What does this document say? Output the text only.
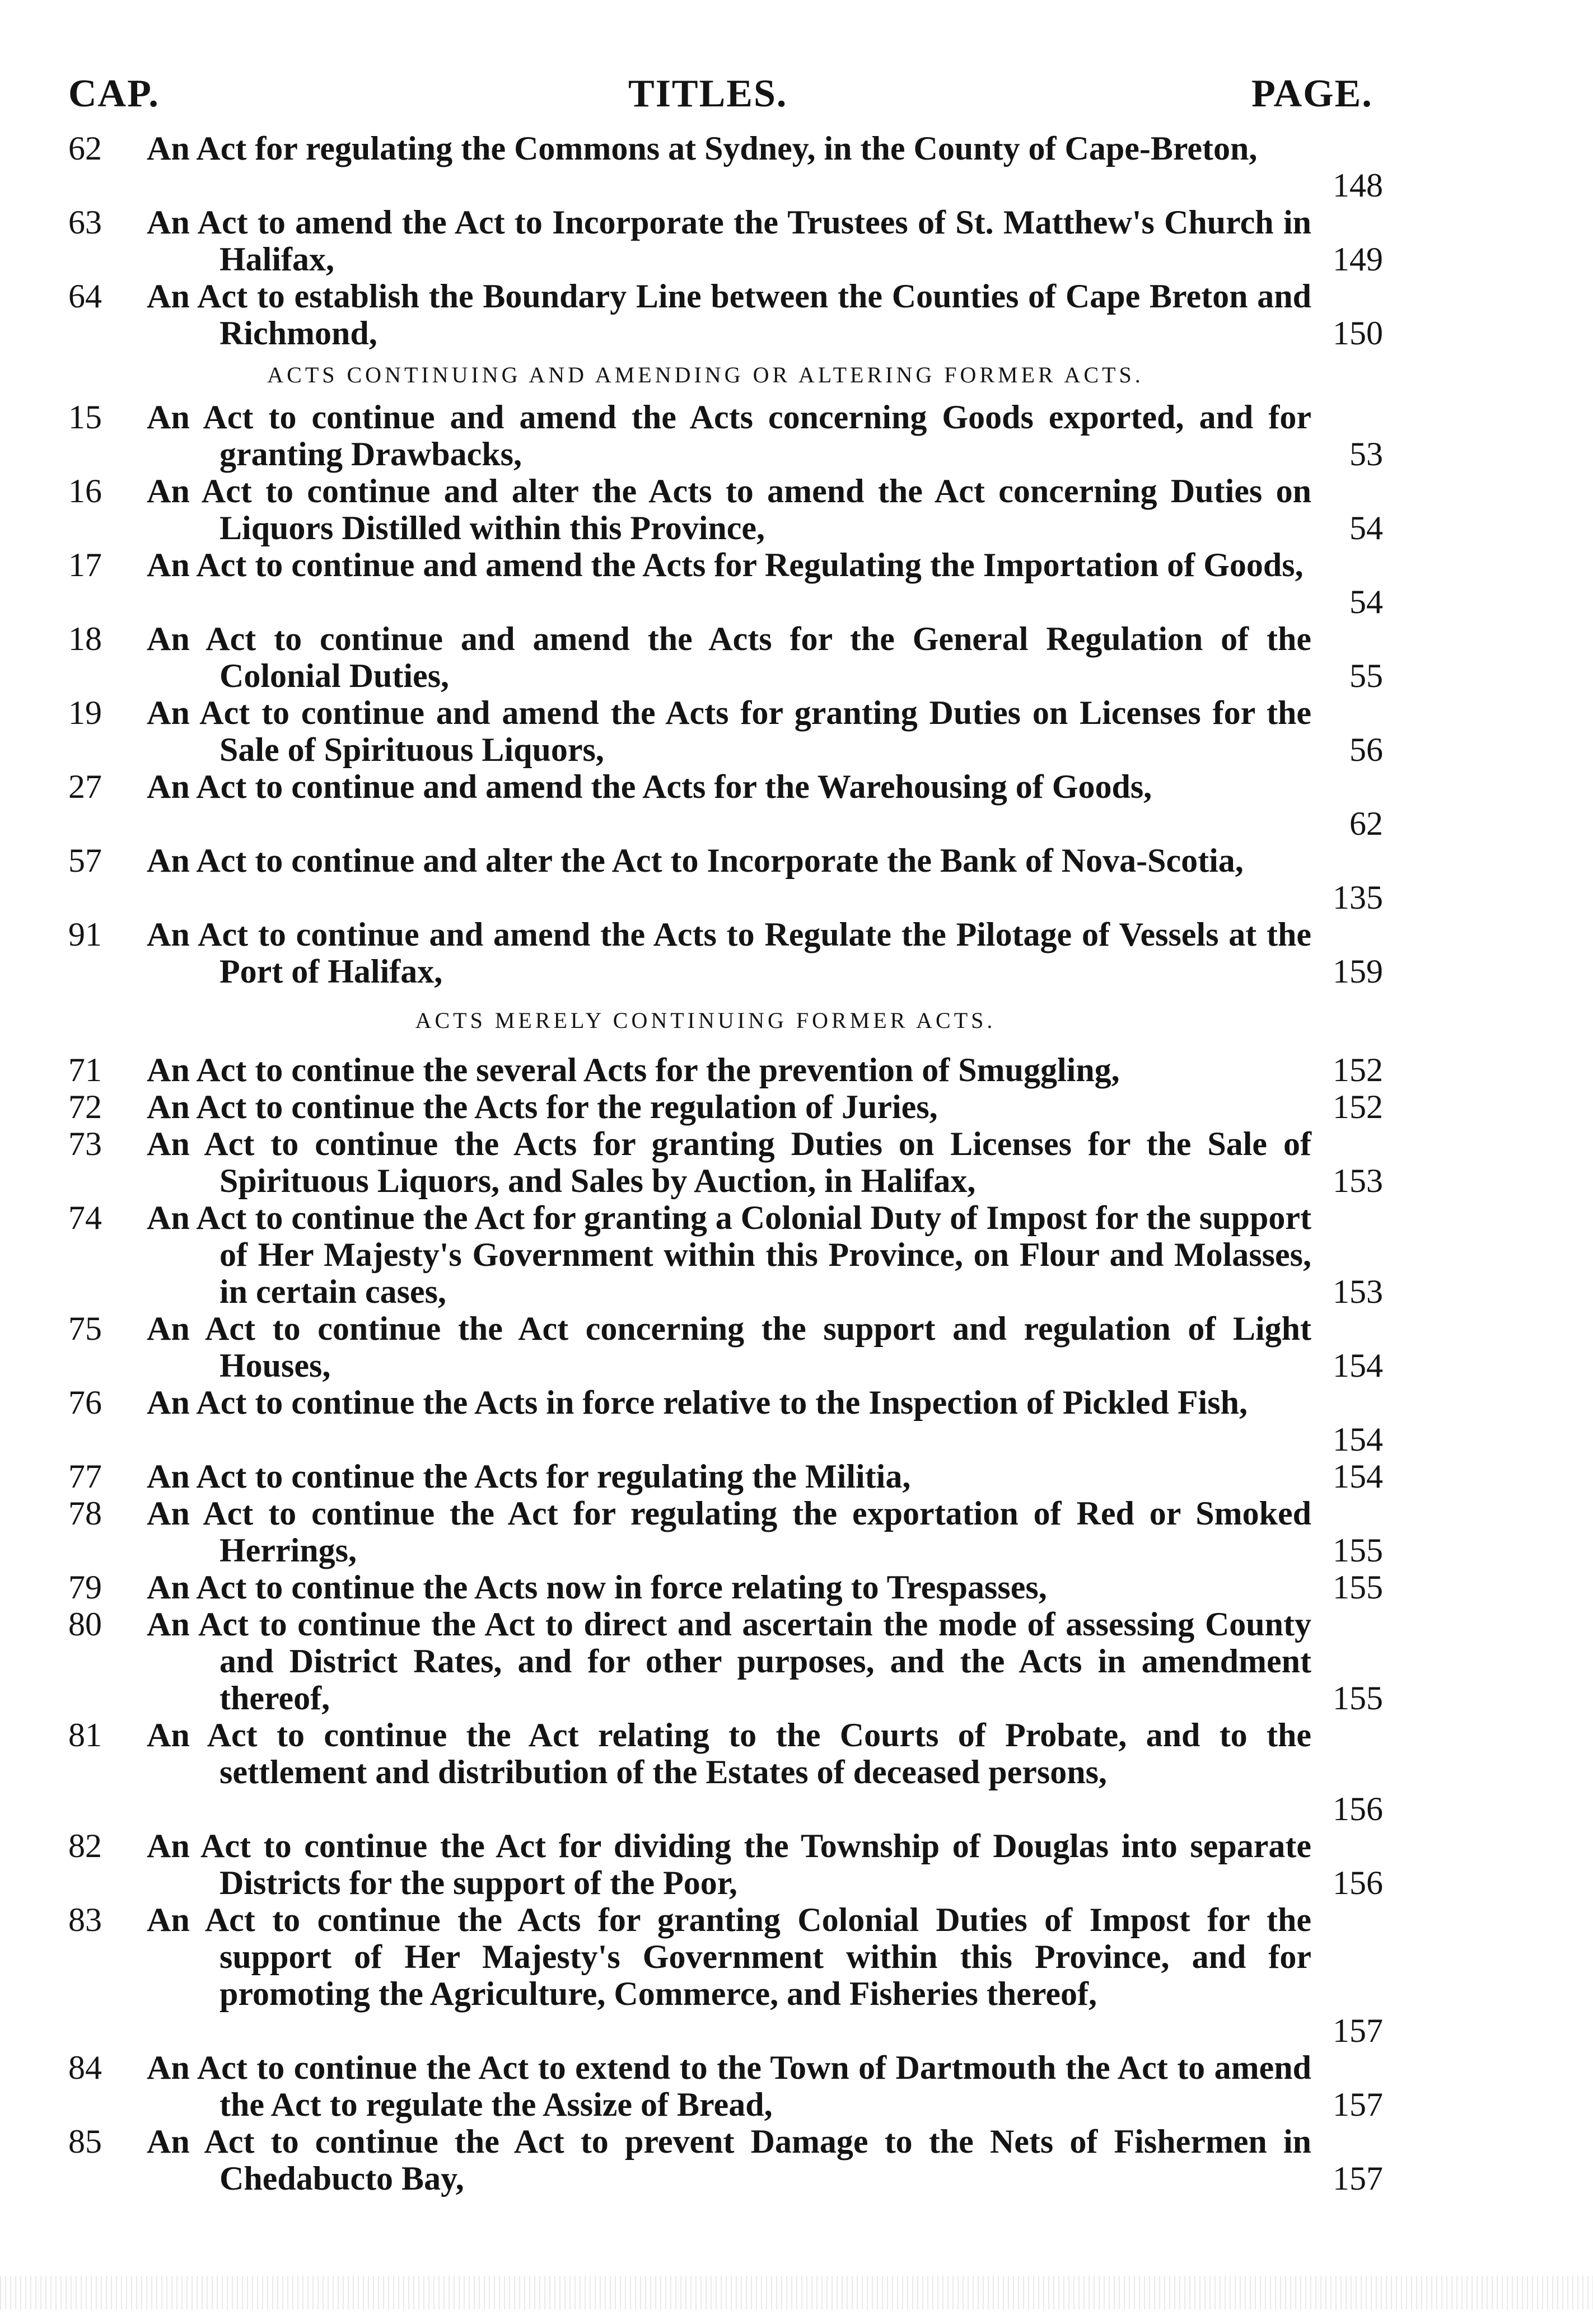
CAP.	TITLES.	PAGE.
62	An Act for regulating the Commons at Sydney, in the County of Cape-Breton,
148
63	An Act to amend the Act to Incorporate the Trustees of St. Matthew's Church in Halifax,	149
64	An Act to establish the Boundary Line between the Counties of Cape Breton and Richmond,	150
ACTS CONTINUING AND AMENDING OR ALTERING FORMER ACTS.
15	An Act to continue and amend the Acts concerning Goods exported, and for granting Drawbacks,	53
16	An Act to continue and alter the Acts to amend the Act concerning Duties on Liquors Distilled within this Province,	54
17	An Act to continue and amend the Acts for Regulating the Importation of Goods,
54
18	An Act to continue and amend the Acts for the General Regulation of the Colonial Duties,	55
19	An Act to continue and amend the Acts for granting Duties on Licenses for the Sale of Spirituous Liquors,	56
27	An Act to continue and amend the Acts for the Warehousing of Goods,
62
57	An Act to continue and alter the Act to Incorporate the Bank of Nova-Scotia,
135
91	An Act to continue and amend the Acts to Regulate the Pilotage of Vessels at the Port of Halifax,	159
ACTS MERELY CONTINUING FORMER ACTS.
71	An Act to continue the several Acts for the prevention of Smuggling,	152
72	An Act to continue the Acts for the regulation of Juries,	152
73	An Act to continue the Acts for granting Duties on Licenses for the Sale of Spirituous Liquors, and Sales by Auction, in Halifax,	153
74	An Act to continue the Act for granting a Colonial Duty of Impost for the support of Her Majesty's Government within this Province, on Flour and Molasses, in certain cases,	153
75	An Act to continue the Act concerning the support and regulation of Light Houses,	154
76	An Act to continue the Acts in force relative to the Inspection of Pickled Fish,
154
77	An Act to continue the Acts for regulating the Militia,	154
78	An Act to continue the Act for regulating the exportation of Red or Smoked Herrings,	155
79	An Act to continue the Acts now in force relating to Trespasses,	155
80	An Act to continue the Act to direct and ascertain the mode of assessing County and District Rates, and for other purposes, and the Acts in amendment thereof,	155
81	An Act to continue the Act relating to the Courts of Probate, and to the settlement and distribution of the Estates of deceased persons,
156
82	An Act to continue the Act for dividing the Township of Douglas into separate Districts for the support of the Poor,	156
83	An Act to continue the Acts for granting Colonial Duties of Impost for the support of Her Majesty's Government within this Province, and for promoting the Agriculture, Commerce, and Fisheries thereof,
157
84	An Act to continue the Act to extend to the Town of Dartmouth the Act to amend the Act to regulate the Assize of Bread,	157
85	An Act to continue the Act to prevent Damage to the Nets of Fishermen in Chedabucto Bay,	157
